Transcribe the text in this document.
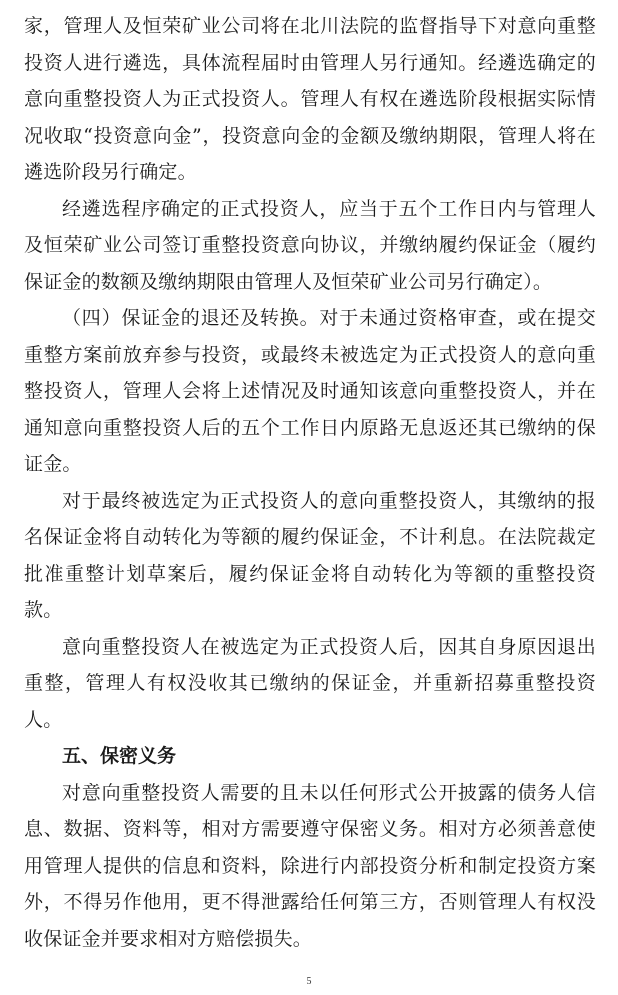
家，管理人及恒荣矿业公司将在北川法院的监督指导下对意向重整投资人进行遴选，具体流程届时由管理人另行通知。经遴选确定的意向重整投资人为正式投资人。管理人有权在遴选阶段根据实际情况收取“投资意向金”，投资意向金的金额及缴纳期限，管理人将在遴选阶段另行确定。

经遴选程序确定的正式投资人，应当于五个工作日内与管理人及恒荣矿业公司签订重整投资意向协议，并缴纳履约保证金（履约保证金的数额及缴纳期限由管理人及恒荣矿业公司另行确定）。

（四）保证金的退还及转换。对于未通过资格审查，或在提交重整方案前放弃参与投资，或最终未被选定为正式投资人的意向重整投资人，管理人会将上述情况及时通知该意向重整投资人，并在通知意向重整投资人后的五个工作日内原路无息返还其已缴纳的保证金。

对于最终被选定为正式投资人的意向重整投资人，其缴纳的报名保证金将自动转化为等额的履约保证金，不计利息。在法院裁定批准重整计划草案后，履约保证金将自动转化为等额的重整投资款。

意向重整投资人在被选定为正式投资人后，因其自身原因退出重整，管理人有权没收其已缴纳的保证金，并重新招募重整投资人。

五、保密义务

对意向重整投资人需要的且未以任何形式公开披露的债务人信息、数据、资料等，相对方需要遵守保密义务。相对方必须善意使用管理人提供的信息和资料，除进行内部投资分析和制定投资方案外，不得另作他用，更不得泄露给任何第三方，否则管理人有权没收保证金并要求相对方赔偿损失。

5
